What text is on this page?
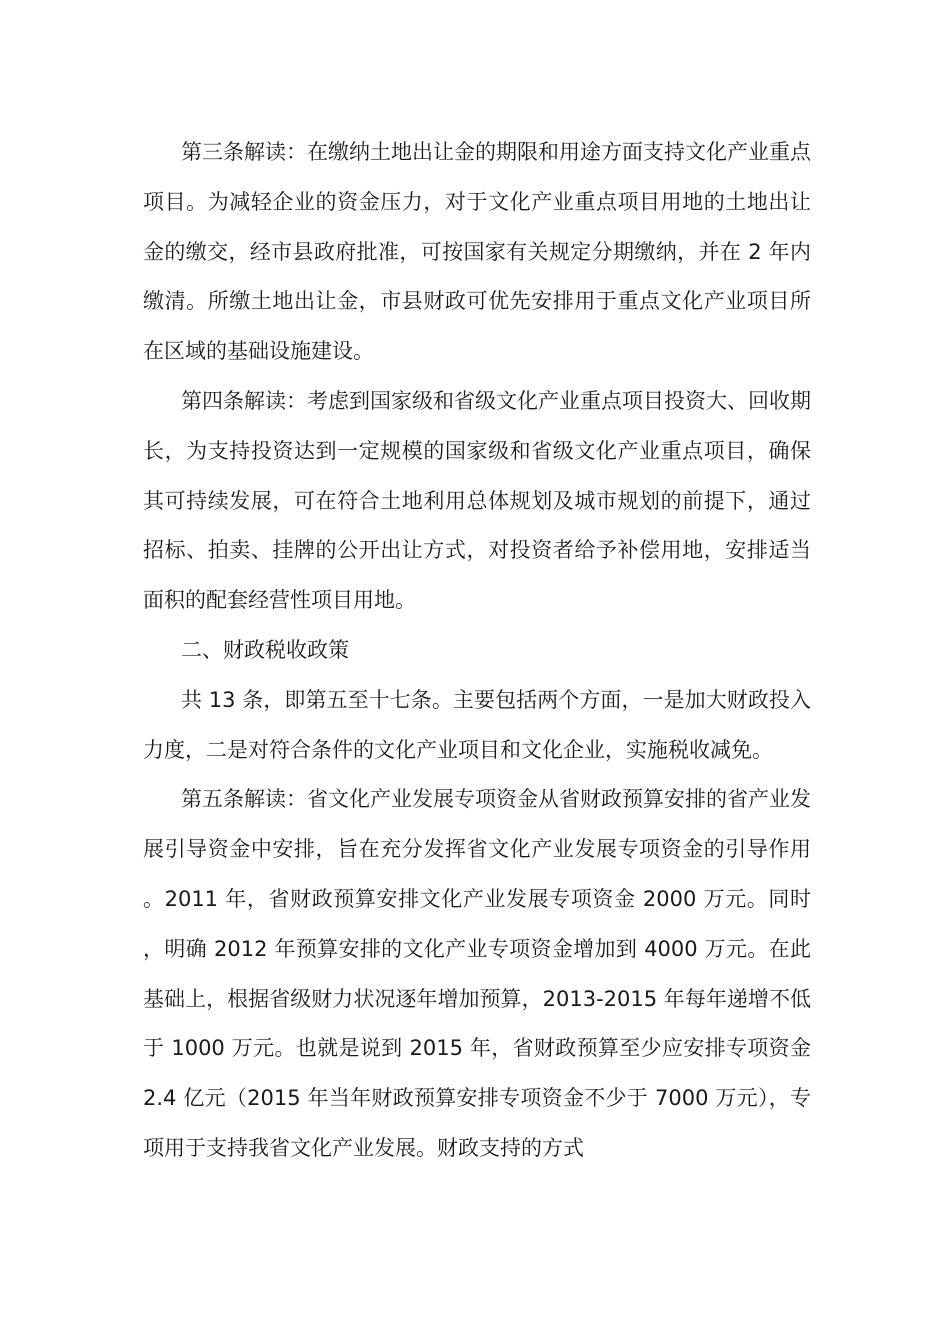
第三条解读：在缴纳土地出让金的期限和用途方面支持文化产业重点项目。为减轻企业的资金压力，对于文化产业重点项目用地的土地出让金的缴交，经市县政府批准，可按国家有关规定分期缴纳，并在 2 年内缴清。所缴土地出让金，市县财政可优先安排用于重点文化产业项目所在区域的基础设施建设。

第四条解读：考虑到国家级和省级文化产业重点项目投资大、回收期长，为支持投资达到一定规模的国家级和省级文化产业重点项目，确保其可持续发展，可在符合土地利用总体规划及城市规划的前提下，通过招标、拍卖、挂牌的公开出让方式，对投资者给予补偿用地，安排适当面积的配套经营性项目用地。

二、财政税收政策

共 13 条，即第五至十七条。主要包括两个方面，一是加大财政投入力度，二是对符合条件的文化产业项目和文化企业，实施税收减免。

第五条解读：省文化产业发展专项资金从省财政预算安排的省产业发展引导资金中安排，旨在充分发挥省文化产业发展专项资金的引导作用。2011 年，省财政预算安排文化产业发展专项资金 2000 万元。同时，明确 2012 年预算安排的文化产业专项资金增加到 4000 万元。在此基础上，根据省级财力状况逐年增加预算，2013-2015 年每年递增不低于 1000 万元。也就是说到 2015 年，省财政预算至少应安排专项资金 2.4 亿元（2015 年当年财政预算安排专项资金不少于 7000 万元），专项用于支持我省文化产业发展。财政支持的方式
